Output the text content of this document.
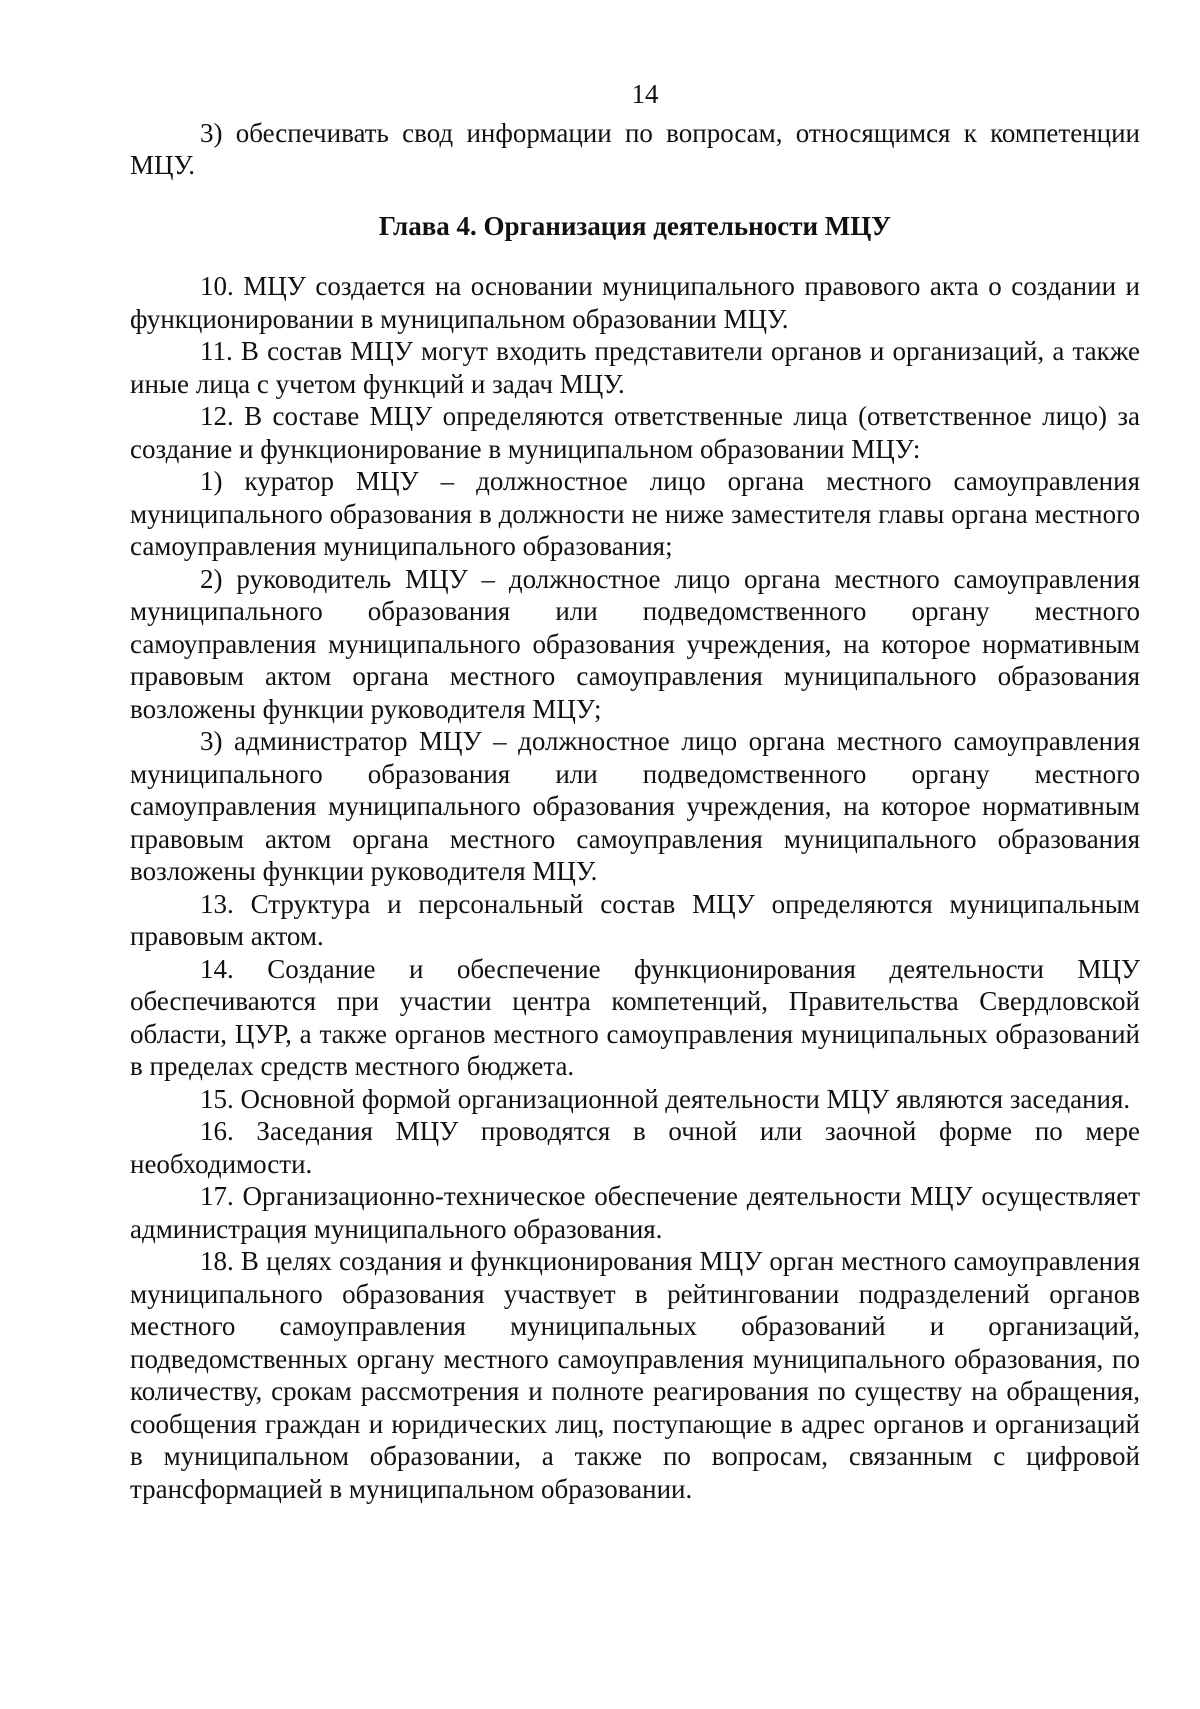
14

3) обеспечивать свод информации по вопросам, относящимся к компетенции МЦУ.

Глава 4. Организация деятельности МЦУ

10. МЦУ создается на основании муниципального правового акта о создании и функционировании в муниципальном образовании МЦУ.

11. В состав МЦУ могут входить представители органов и организаций, а также иные лица с учетом функций и задач МЦУ.

12. В составе МЦУ определяются ответственные лица (ответственное лицо) за создание и функционирование в муниципальном образовании МЦУ:

1) куратор МЦУ – должностное лицо органа местного самоуправления муниципального образования в должности не ниже заместителя главы органа местного самоуправления муниципального образования;

2) руководитель МЦУ – должностное лицо органа местного самоуправления муниципального образования или подведомственного органу местного самоуправления муниципального образования учреждения, на которое нормативным правовым актом органа местного самоуправления муниципального образования возложены функции руководителя МЦУ;

3) администратор МЦУ – должностное лицо органа местного самоуправления муниципального образования или подведомственного органу местного самоуправления муниципального образования учреждения, на которое нормативным правовым актом органа местного самоуправления муниципального образования возложены функции руководителя МЦУ.

13. Структура и персональный состав МЦУ определяются муниципальным правовым актом.

14. Создание и обеспечение функционирования деятельности МЦУ обеспечиваются при участии центра компетенций, Правительства Свердловской области, ЦУР, а также органов местного самоуправления муниципальных образований в пределах средств местного бюджета.

15. Основной формой организационной деятельности МЦУ являются заседания.

16. Заседания МЦУ проводятся в очной или заочной форме по мере необходимости.

17. Организационно-техническое обеспечение деятельности МЦУ осуществляет администрация муниципального образования.

18. В целях создания и функционирования МЦУ орган местного самоуправления муниципального образования участвует в рейтинговании подразделений органов местного самоуправления муниципальных образований и организаций, подведомственных органу местного самоуправления муниципального образования, по количеству, срокам рассмотрения и полноте реагирования по существу на обращения, сообщения граждан и юридических лиц, поступающие в адрес органов и организаций в муниципальном образовании, а также по вопросам, связанным с цифровой трансформацией в муниципальном образовании.
